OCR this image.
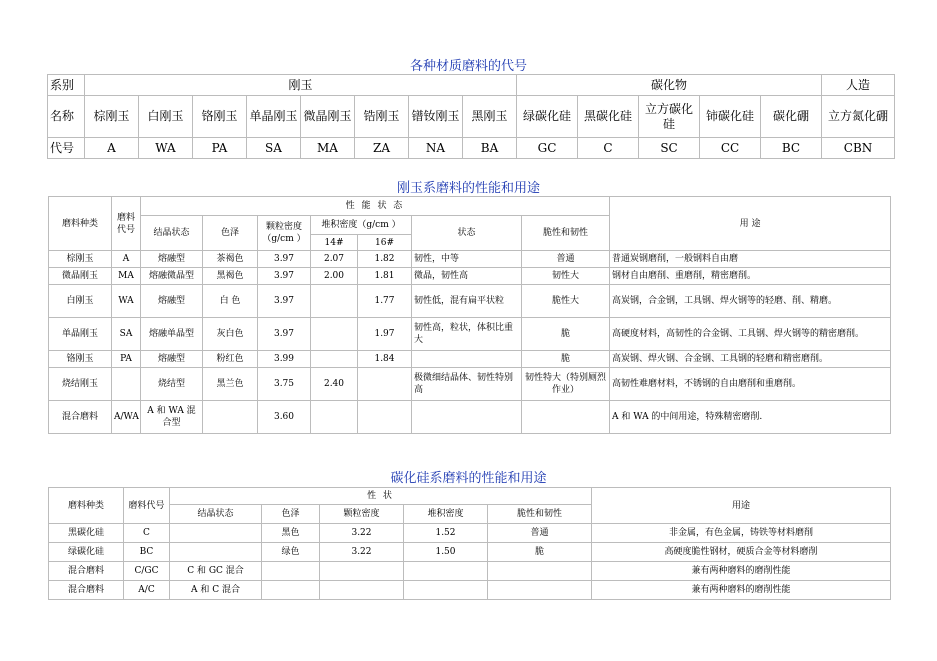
各种材质磨料的代号
系别	刚玉								碳化物					人造
名称	棕刚玉	白刚玉	铬刚玉	单晶刚玉	微晶刚玉	锆刚玉	镨钕刚玉	黑刚玉	绿碳化硅	黑碳化硅	立方碳化硅	铈碳化硅	碳化硼	立方氮化硼
代号	A	WA	PA	SA	MA	ZA	NA	BA	GC	C	SC	CC	BC	CBN
刚玉系磨料的性能和用途
磨料种类	磨料代号	性 能 状 态							用 途
		结晶状态	色泽	颗粒密度（g/cm ）	堆积密度（g/cm ）		状态	脆性和韧性	
					14#	16#			
棕刚玉	A	熔融型	茶褐色	3.97	2.07	1.82	韧性，中等	普通	普通炭钢磨削，一般钢料自由磨
微晶刚玉	MA	熔融微晶型	黑褐色	3.97	2.00	1.81	微晶，韧性高	韧性大	钢材自由磨削、重磨削，精密磨削。
白刚玉	WA	熔融型	白 色	3.97		1.77	韧性低，混有扁平状粒	脆性大	高炭钢，合金钢，工具钢、焊火钢等的轻磨、削、精磨。
单晶刚玉	SA	熔融单晶型	灰白色	3.97		1.97	韧性高，粒状，体积比重大	脆	高硬度材料，高韧性的合金钢、工具钢、焊火钢等的精密磨削。
铬刚玉	PA	熔融型	粉红色	3.99		1.84		脆	高炭钢、焊火钢、合金钢、工具钢的轻磨和精密磨削。
烧结刚玉		烧结型	黑兰色	3.75	2.40		极微细结晶体、韧性特别高	韧性特大（特别厕烈作业）	高韧性难磨材料，不锈钢的自由磨削和重磨削。
混合磨料	A/WA	A 和 WA 混合型		3.60					A 和 WA 的中间用途，特殊精密磨削.
碳化硅系磨料的性能和用途
磨料种类	磨料代号	性 状					用途
		结晶状态	色泽	颗粒密度	堆积密度	脆性和韧性	
黑碳化硅	C		黑色	3.22	1.52	普通	非金属，有色金属，铸铁等材料磨削
绿碳化硅	BC		绿色	3.22	1.50	脆	高硬度脆性钢材，硬质合金等材料磨削
混合磨料	C/GC	C 和 GC 混合					兼有两种磨料的磨削性能
混合磨料	A/C	A 和 C 混合					兼有两种磨料的磨削性能
